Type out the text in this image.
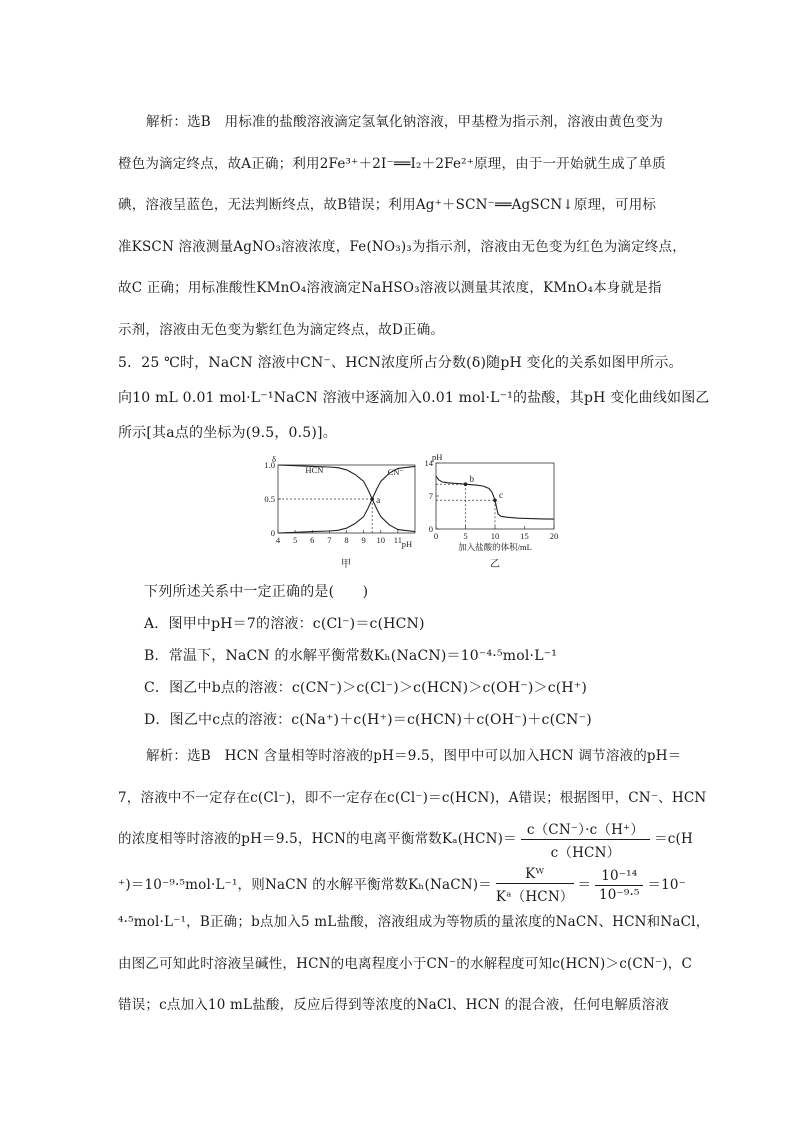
解析：选B　用标准的盐酸溶液滴定氢氧化钠溶液，甲基橙为指示剂，溶液由黄色变为
橙色为滴定终点，故A正确；利用2Fe³⁺＋2I⁻══I₂＋2Fe²⁺原理，由于一开始就生成了单质
碘，溶液呈蓝色，无法判断终点，故B错误；利用Ag⁺＋SCN⁻══AgSCN↓原理，可用标
准KSCN 溶液测量AgNO₃溶液浓度，Fe(NO₃)₃为指示剂，溶液由无色变为红色为滴定终点，
故C 正确；用标准酸性KMnO₄溶液滴定NaHSO₃溶液以测量其浓度，KMnO₄本身就是指
示剂，溶液由无色变为紫红色为滴定终点，故D正确。
5．25 ℃时，NaCN 溶液中CN⁻、HCN浓度所占分数(δ)随pH 变化的关系如图甲所示。
向10 mL 0.01 mol·L⁻¹NaCN 溶液中逐滴加入0.01 mol·L⁻¹的盐酸，其pH 变化曲线如图乙
所示[其a点的坐标为(9.5，0.5)]。
4 5 6 7 8 9 10 11
0
0.5
1.0
δ
pH
a
甲
HCN	CN⁻
0	5	10 15 20
0
7
14
pH
加入盐酸的体积/mL
b
c
乙
下列所述关系中一定正确的是(　　)
A．图甲中pH＝7的溶液：c(Cl⁻)＝c(HCN)
B．常温下，NaCN 的水解平衡常数Kₕ(NaCN)＝10⁻⁴·⁵mol·L⁻¹
C．图乙中b点的溶液：c(CN⁻)＞c(Cl⁻)＞c(HCN)＞c(OH⁻)＞c(H⁺)
D．图乙中c点的溶液：c(Na⁺)＋c(H⁺)＝c(HCN)＋c(OH⁻)＋c(CN⁻)
解析：选B　HCN 含量相等时溶液的pH＝9.5，图甲中可以加入HCN 调节溶液的pH＝
7，溶液中不一定存在c(Cl⁻)，即不一定存在c(Cl⁻)＝c(HCN)，A错误；根据图甲，CN⁻、HCN
的浓度相等时溶液的pH＝9.5，HCN的电离平衡常数$K_a(HCN)= \frac{c(CN^-)\cdot c(H^+)}{\text{c（HCN）}} =c(H$
⁺)＝10⁻⁹·⁵mol·L⁻¹，则NaCN 的水解平衡常数Kₕ(NaCN)＝ $\frac{\text{Kᵂ}}{\text{Kᵃ（HCN）}} = \frac{\text{10⁻¹⁴}}{\text{10⁻⁹·⁵}} =10^-$
⁴·⁵mol·L⁻¹，B正确；b点加入5 mL盐酸，溶液组成为等物质的量浓度的NaCN、HCN和NaCl，
由图乙可知此时溶液呈碱性，HCN的电离程度小于CN⁻的水解程度可知c(HCN)＞c(CN⁻)，C
错误；c点加入10 mL盐酸，反应后得到等浓度的NaCl、HCN 的混合液，任何电解质溶液
